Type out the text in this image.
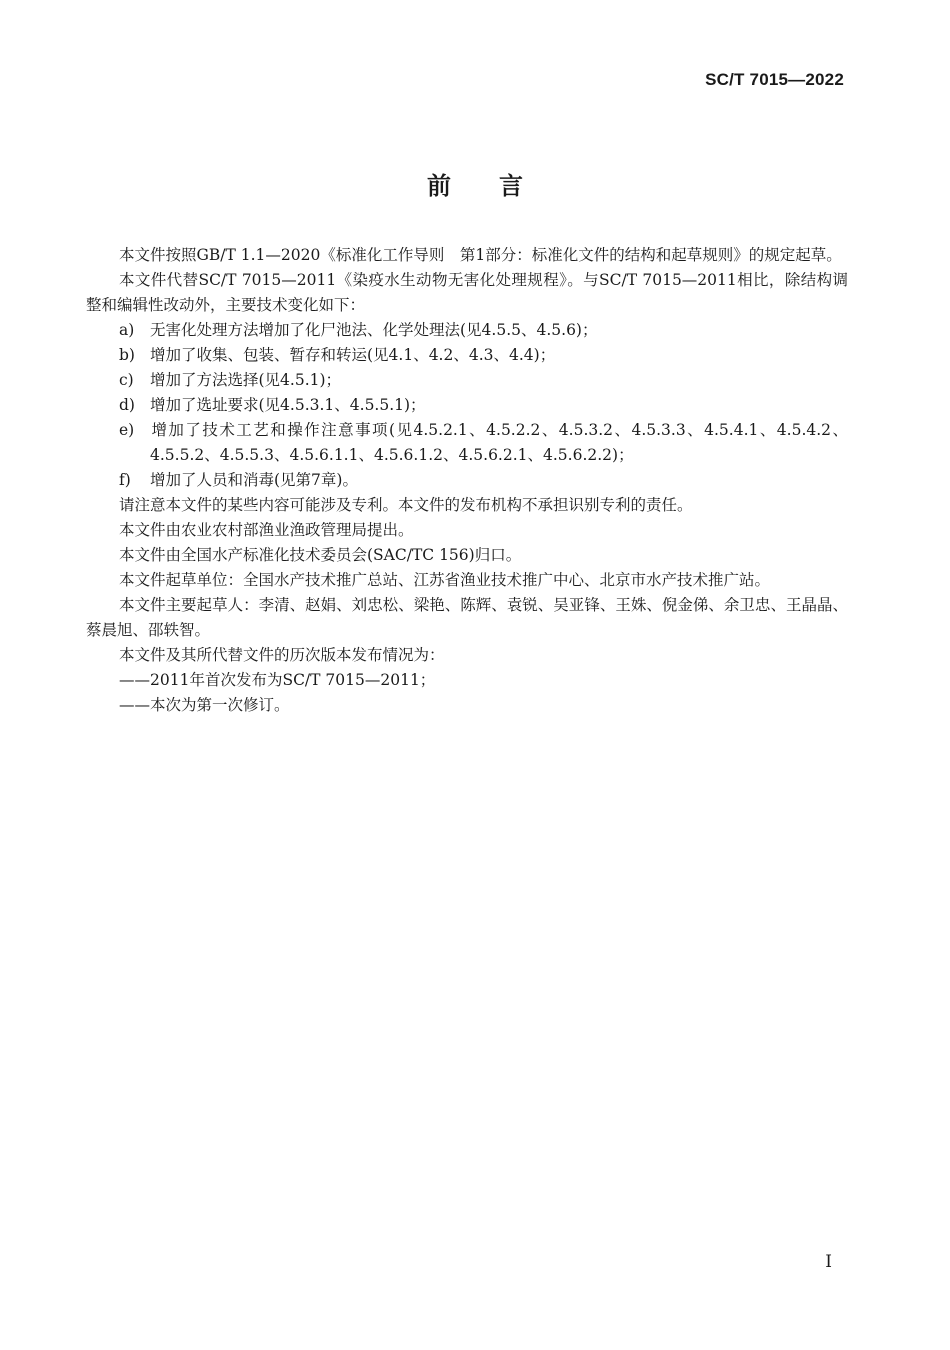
SC/T 7015—2022
前言

本文件按照GB/T 1.1—2020《标准化工作导则　第1部分：标准化文件的结构和起草规则》的规定起草。

本文件代替SC/T 7015—2011《染疫水生动物无害化处理规程》。与SC/T 7015—2011相比，除结构调整和编辑性改动外，主要技术变化如下：

a) 无害化处理方法增加了化尸池法、化学处理法(见4.5.5、4.5.6)；

b) 增加了收集、包装、暂存和转运(见4.1、4.2、4.3、4.4)；

c) 增加了方法选择(见4.5.1)；

d) 增加了选址要求(见4.5.3.1、4.5.5.1)；

e) 增加了技术工艺和操作注意事项(见4.5.2.1、4.5.2.2、4.5.3.2、4.5.3.3、4.5.4.1、4.5.4.2、4.5.5.2、4.5.5.3、4.5.6.1.1、4.5.6.1.2、4.5.6.2.1、4.5.6.2.2)；

f) 增加了人员和消毒(见第7章)。

请注意本文件的某些内容可能涉及专利。本文件的发布机构不承担识别专利的责任。

本文件由农业农村部渔业渔政管理局提出。

本文件由全国水产标准化技术委员会(SAC/TC 156)归口。

本文件起草单位：全国水产技术推广总站、江苏省渔业技术推广中心、北京市水产技术推广站。

本文件主要起草人：李清、赵娟、刘忠松、梁艳、陈辉、袁锐、吴亚锋、王姝、倪金俤、余卫忠、王晶晶、蔡晨旭、邵轶智。

本文件及其所代替文件的历次版本发布情况为：

——2011年首次发布为SC/T 7015—2011；

——本次为第一次修订。

I
